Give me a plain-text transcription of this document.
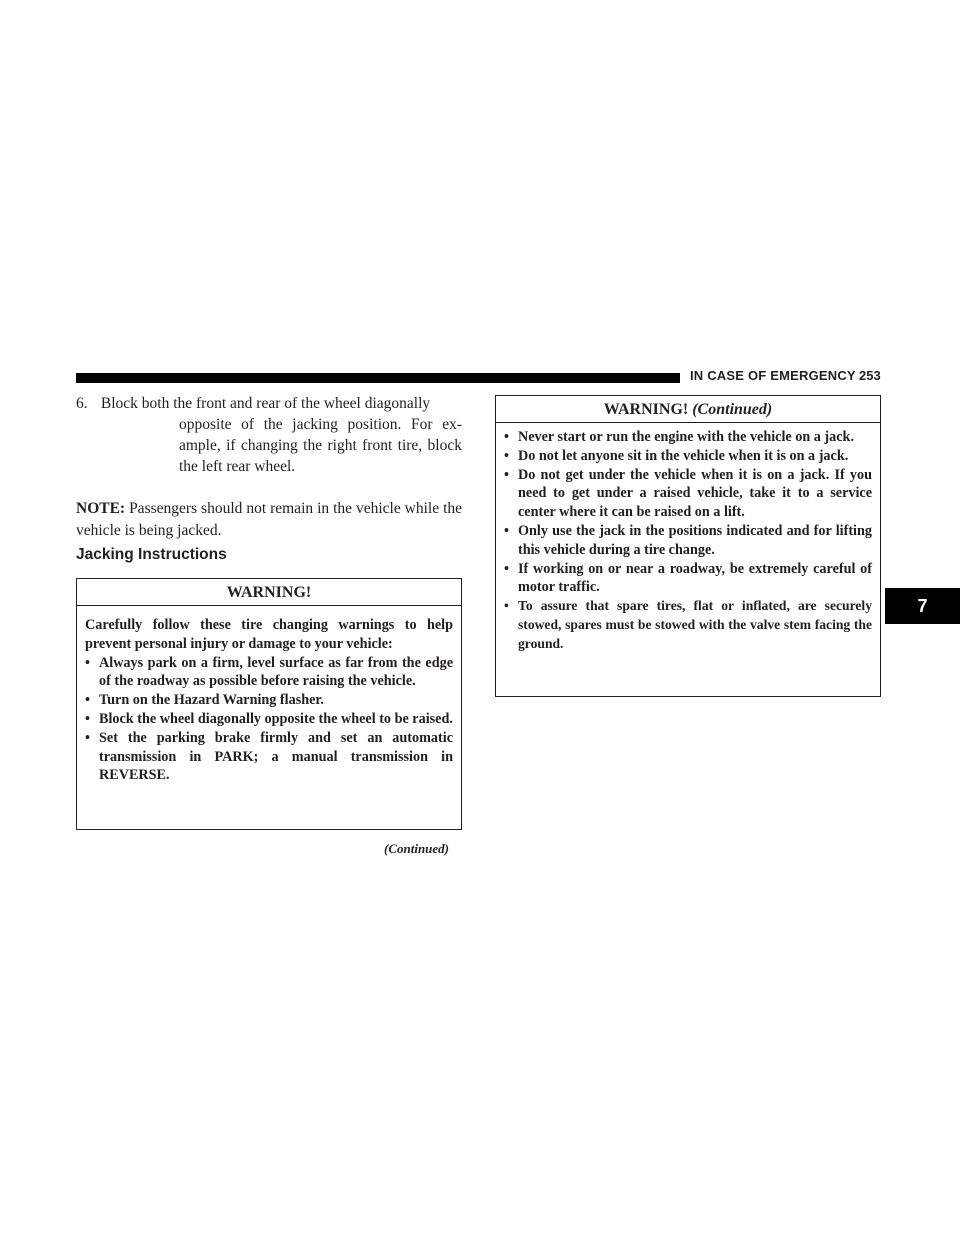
IN CASE OF EMERGENCY 253
7
6. Block both the front and rear of the wheel diagonally
opposite of the jacking position. For ex-ample, if changing the right front tire, block the left rear wheel.
NOTE: Passengers should not remain in the vehicle while the vehicle is being jacked.
Jacking Instructions
WARNING!

Carefully follow these tire changing warnings to help prevent personal injury or damage to your vehicle:

• Always park on a firm, level surface as far from the edge of the roadway as possible before raising the vehicle.
• Turn on the Hazard Warning flasher.
• Block the wheel diagonally opposite the wheel to be raised.
• Set the parking brake firmly and set an automatic transmission in PARK; a manual transmission in REVERSE.
(Continued)
WARNING! (Continued)
• Never start or run the engine with the vehicle on a jack.
• Do not let anyone sit in the vehicle when it is on a jack.
• Do not get under the vehicle when it is on a jack. If you need to get under a raised vehicle, take it to a service center where it can be raised on a lift.
• Only use the jack in the positions indicated and for lifting this vehicle during a tire change.
• If working on or near a roadway, be extremely careful of motor traffic.
• To assure that spare tires, flat or inflated, are securely stowed, spares must be stowed with the valve stem facing the ground.
